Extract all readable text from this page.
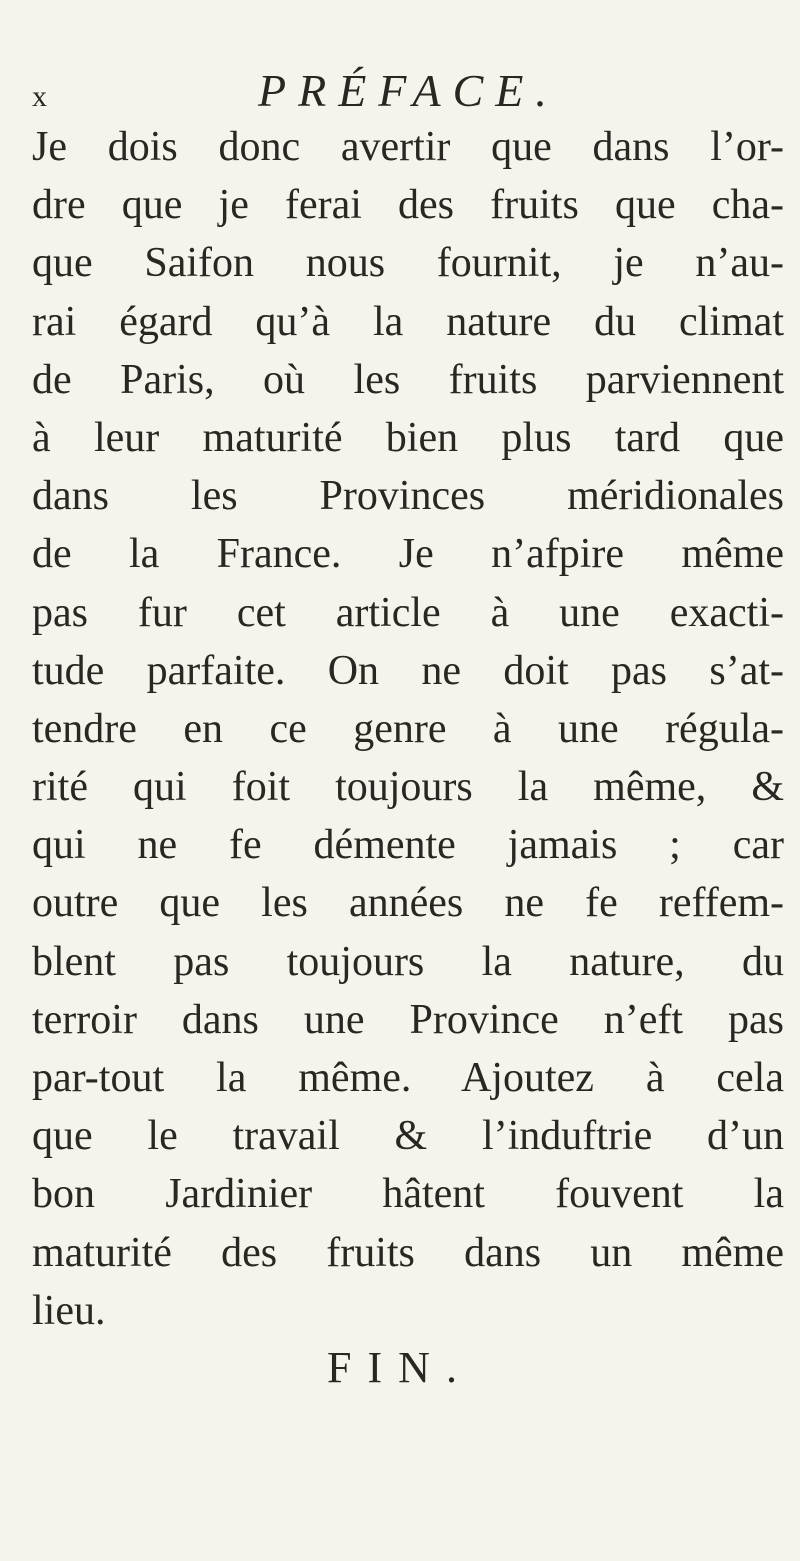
x	PRÉFACE.
Je dois donc avertir que dans l’or-
dre que je ferai des fruits que cha-
que Saifon nous fournit, je n’au-
rai égard qu’à la nature du climat
de Paris, où les fruits parviennent
à leur maturité bien plus tard que
dans les Provinces méridionales
de la France. Je n’afpire même
pas fur cet article à une exacti-
tude parfaite. On ne doit pas s’at-
tendre en ce genre à une régula-
rité qui foit toujours la même, &
qui ne fe démente jamais ; car
outre que les années ne fe reffem-
blent pas toujours la nature, du
terroir dans une Province n’eft pas
par-tout la même. Ajoutez à cela
que le travail & l’induftrie d’un
bon Jardinier hâtent fouvent la
maturité des fruits dans un même
lieu.
FIN.
